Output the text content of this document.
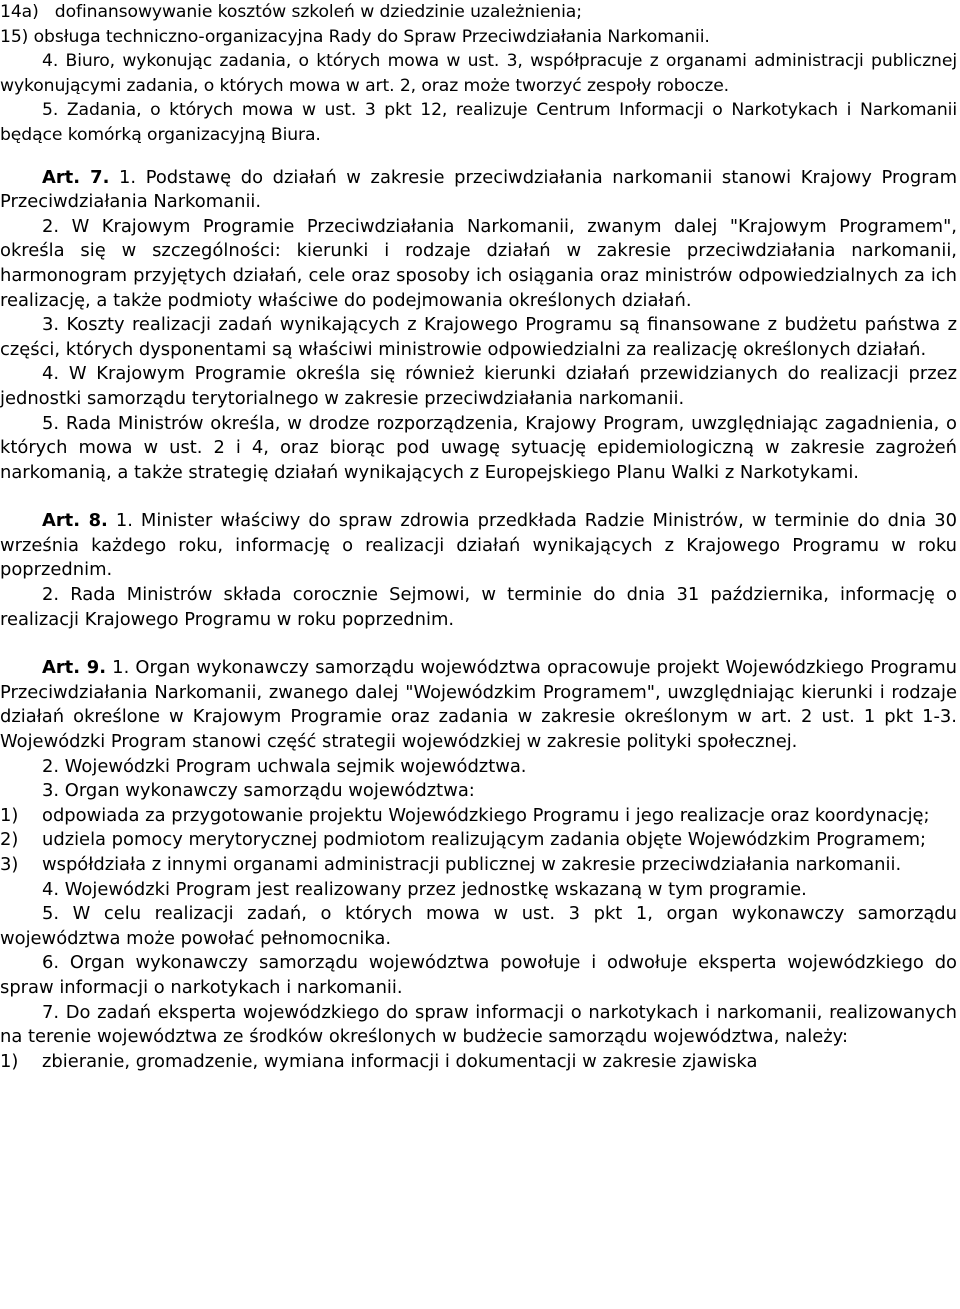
14a)   dofinansowywanie kosztów szkoleń w dziedzinie uzależnienia;
15) obsługa techniczno-organizacyjna Rady do Spraw Przeciwdziałania Narkomanii.
4. Biuro, wykonując zadania, o których mowa w ust. 3, współpracuje z organami administracji publicznej wykonującymi zadania, o których mowa w art. 2, oraz może tworzyć zespoły robocze.
5. Zadania, o których mowa w ust. 3 pkt 12, realizuje Centrum Informacji o Narkotykach i Narkomanii będące komórką organizacyjną Biura.
Art. 7. 1. Podstawę do działań w zakresie przeciwdziałania narkomanii stanowi Krajowy Program Przeciwdziałania Narkomanii.
2. W Krajowym Programie Przeciwdziałania Narkomanii, zwanym dalej "Krajowym Programem", określa się w szczególności: kierunki i rodzaje działań w zakresie przeciwdziałania narkomanii, harmonogram przyjętych działań, cele oraz sposoby ich osiągania oraz ministrów odpowiedzialnych za ich realizację, a także podmioty właściwe do podejmowania określonych działań.
3. Koszty realizacji zadań wynikających z Krajowego Programu są finansowane z budżetu państwa z części, których dysponentami są właściwi ministrowie odpowiedzialni za realizację określonych działań.
4. W Krajowym Programie określa się również kierunki działań przewidzianych do realizacji przez jednostki samorządu terytorialnego w zakresie przeciwdziałania narkomanii.
5. Rada Ministrów określa, w drodze rozporządzenia, Krajowy Program, uwzględniając zagadnienia, o których mowa w ust. 2 i 4, oraz biorąc pod uwagę sytuację epidemiologiczną w zakresie zagrożeń narkomanią, a także strategię działań wynikających z Europejskiego Planu Walki z Narkotykami.
Art. 8. 1. Minister właściwy do spraw zdrowia przedkłada Radzie Ministrów, w terminie do dnia 30 września każdego roku, informację o realizacji działań wynikających z Krajowego Programu w roku poprzednim.
2. Rada Ministrów składa corocznie Sejmowi, w terminie do dnia 31 października, informację o realizacji Krajowego Programu w roku poprzednim.
Art. 9. 1. Organ wykonawczy samorządu województwa opracowuje projekt Wojewódzkiego Programu Przeciwdziałania Narkomanii, zwanego dalej "Wojewódzkim Programem", uwzględniając kierunki i rodzaje działań określone w Krajowym Programie oraz zadania w zakresie określonym w art. 2 ust. 1 pkt 1-3. Wojewódzki Program stanowi część strategii wojewódzkiej w zakresie polityki społecznej.
2. Wojewódzki Program uchwala sejmik województwa.
3. Organ wykonawczy samorządu województwa:
1)	odpowiada za przygotowanie projektu Wojewódzkiego Programu i jego realizacje oraz koordynację;
2)	udziela pomocy merytorycznej podmiotom realizującym zadania objęte Wojewódzkim Programem;
3)	współdziała z innymi organami administracji publicznej w zakresie przeciwdziałania narkomanii.
4. Wojewódzki Program jest realizowany przez jednostkę wskazaną w tym programie.
5. W celu realizacji zadań, o których mowa w ust. 3 pkt 1, organ wykonawczy samorządu województwa może powołać pełnomocnika.
6. Organ wykonawczy samorządu województwa powołuje i odwołuje eksperta wojewódzkiego do spraw informacji o narkotykach i narkomanii.
7. Do zadań eksperta wojewódzkiego do spraw informacji o narkotykach i narkomanii, realizowanych na terenie województwa ze środków określonych w budżecie samorządu województwa, należy:
1)	zbieranie, gromadzenie, wymiana informacji i dokumentacji w zakresie zjawiska
